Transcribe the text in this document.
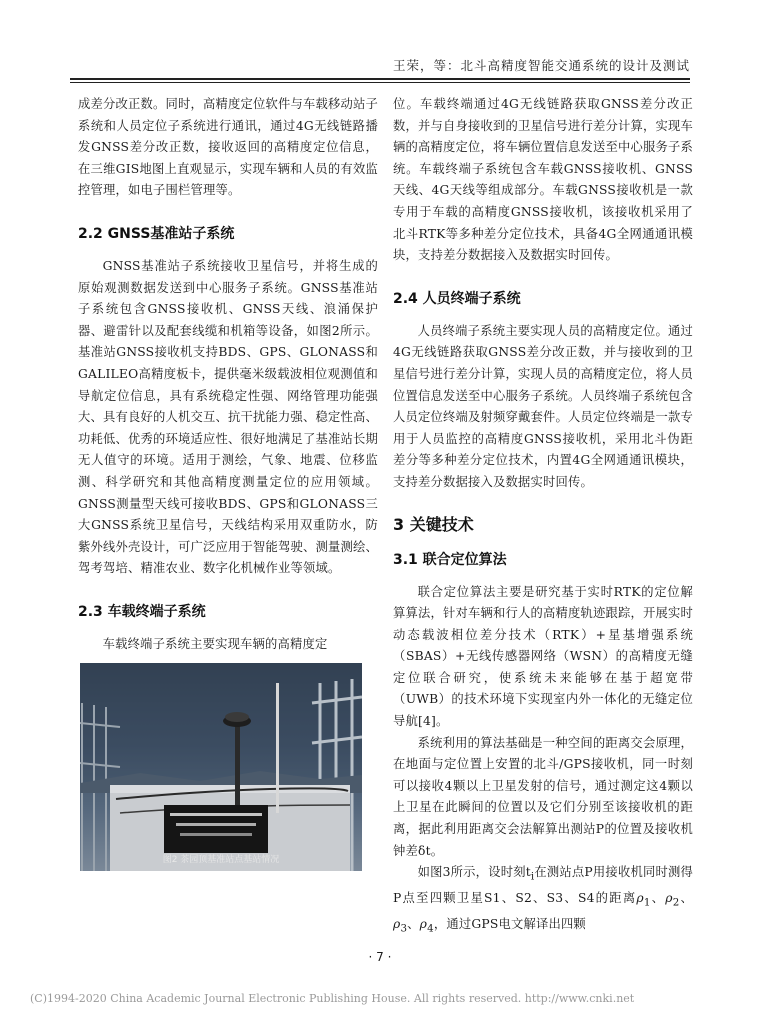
王荣，等：北斗高精度智能交通系统的设计及测试

成差分改正数。同时，高精度定位软件与车载移动站子系统和人员定位子系统进行通讯，通过4G无线链路播发GNSS差分改正数，接收返回的高精度定位信息，在三维GIS地图上直观显示，实现车辆和人员的有效监控管理，如电子围栏管理等。

2.2 GNSS基准站子系统

GNSS基准站子系统接收卫星信号，并将生成的原始观测数据发送到中心服务子系统。GNSS基准站子系统包含GNSS接收机、GNSS天线、浪涌保护器、避雷针以及配套线缆和机箱等设备，如图2所示。基准站GNSS接收机支持BDS、GPS、GLONASS和GALILEO高精度板卡，提供毫米级载波相位观测值和导航定位信息，具有系统稳定性强、网络管理功能强大、具有良好的人机交互、抗干扰能力强、稳定性高、功耗低、优秀的环境适应性、很好地满足了基准站长期无人值守的环境。适用于测绘，气象、地震、位移监测、科学研究和其他高精度测量定位的应用领域。GNSS测量型天线可接收BDS、GPS和GLONASS三大GNSS系统卫星信号，天线结构采用双重防水，防紫外线外壳设计，可广泛应用于智能驾驶、测量测绘、驾考驾培、精准农业、数字化机械作业等领域。

2.3 车载终端子系统

车载终端子系统主要实现车辆的高精度定

图2 茶园顶基准站点基站情况

位。车载终端通过4G无线链路获取GNSS差分改正数，并与自身接收到的卫星信号进行差分计算，实现车辆的高精度定位，将车辆位置信息发送至中心服务子系统。车载终端子系统包含车载GNSS接收机、GNSS天线、4G天线等组成部分。车载GNSS接收机是一款专用于车载的高精度GNSS接收机，该接收机采用了北斗RTK等多种差分定位技术，具备4G全网通通讯模块，支持差分数据接入及数据实时回传。

2.4 人员终端子系统

人员终端子系统主要实现人员的高精度定位。通过4G无线链路获取GNSS差分改正数，并与接收到的卫星信号进行差分计算，实现人员的高精度定位，将人员位置信息发送至中心服务子系统。人员终端子系统包含人员定位终端及射频穿戴套件。人员定位终端是一款专用于人员监控的高精度GNSS接收机，采用北斗伪距差分等多种差分定位技术，内置4G全网通通讯模块，支持差分数据接入及数据实时回传。

3 关键技术
3.1 联合定位算法

联合定位算法主要是研究基于实时RTK的定位解算算法，针对车辆和行人的高精度轨迹跟踪，开展实时动态载波相位差分技术（RTK）+星基增强系统（SBAS）+无线传感器网络（WSN）的高精度无缝定位联合研究，使系统未来能够在基于超宽带（UWB）的技术环境下实现室内外一体化的无缝定位导航[4]。

系统利用的算法基础是一种空间的距离交会原理，在地面与定位置上安置的北斗/GPS接收机，同一时刻可以接收4颗以上卫星发射的信号，通过测定这4颗以上卫星在此瞬间的位置以及它们分别至该接收机的距离，据此利用距离交会法解算出测站P的位置及接收机钟差δt。

如图3所示，设时刻$t_i$在测站点P用接收机同时测得P点至四颗卫星S1、S2、S3、S4的距离$\rho_1$、$\rho_2$、$\rho_3$、$\rho_4$，通过GPS电文解译出四颗

· 7 ·
(C)1994-2020 China Academic Journal Electronic Publishing House. All rights reserved. http://www.cnki.net
